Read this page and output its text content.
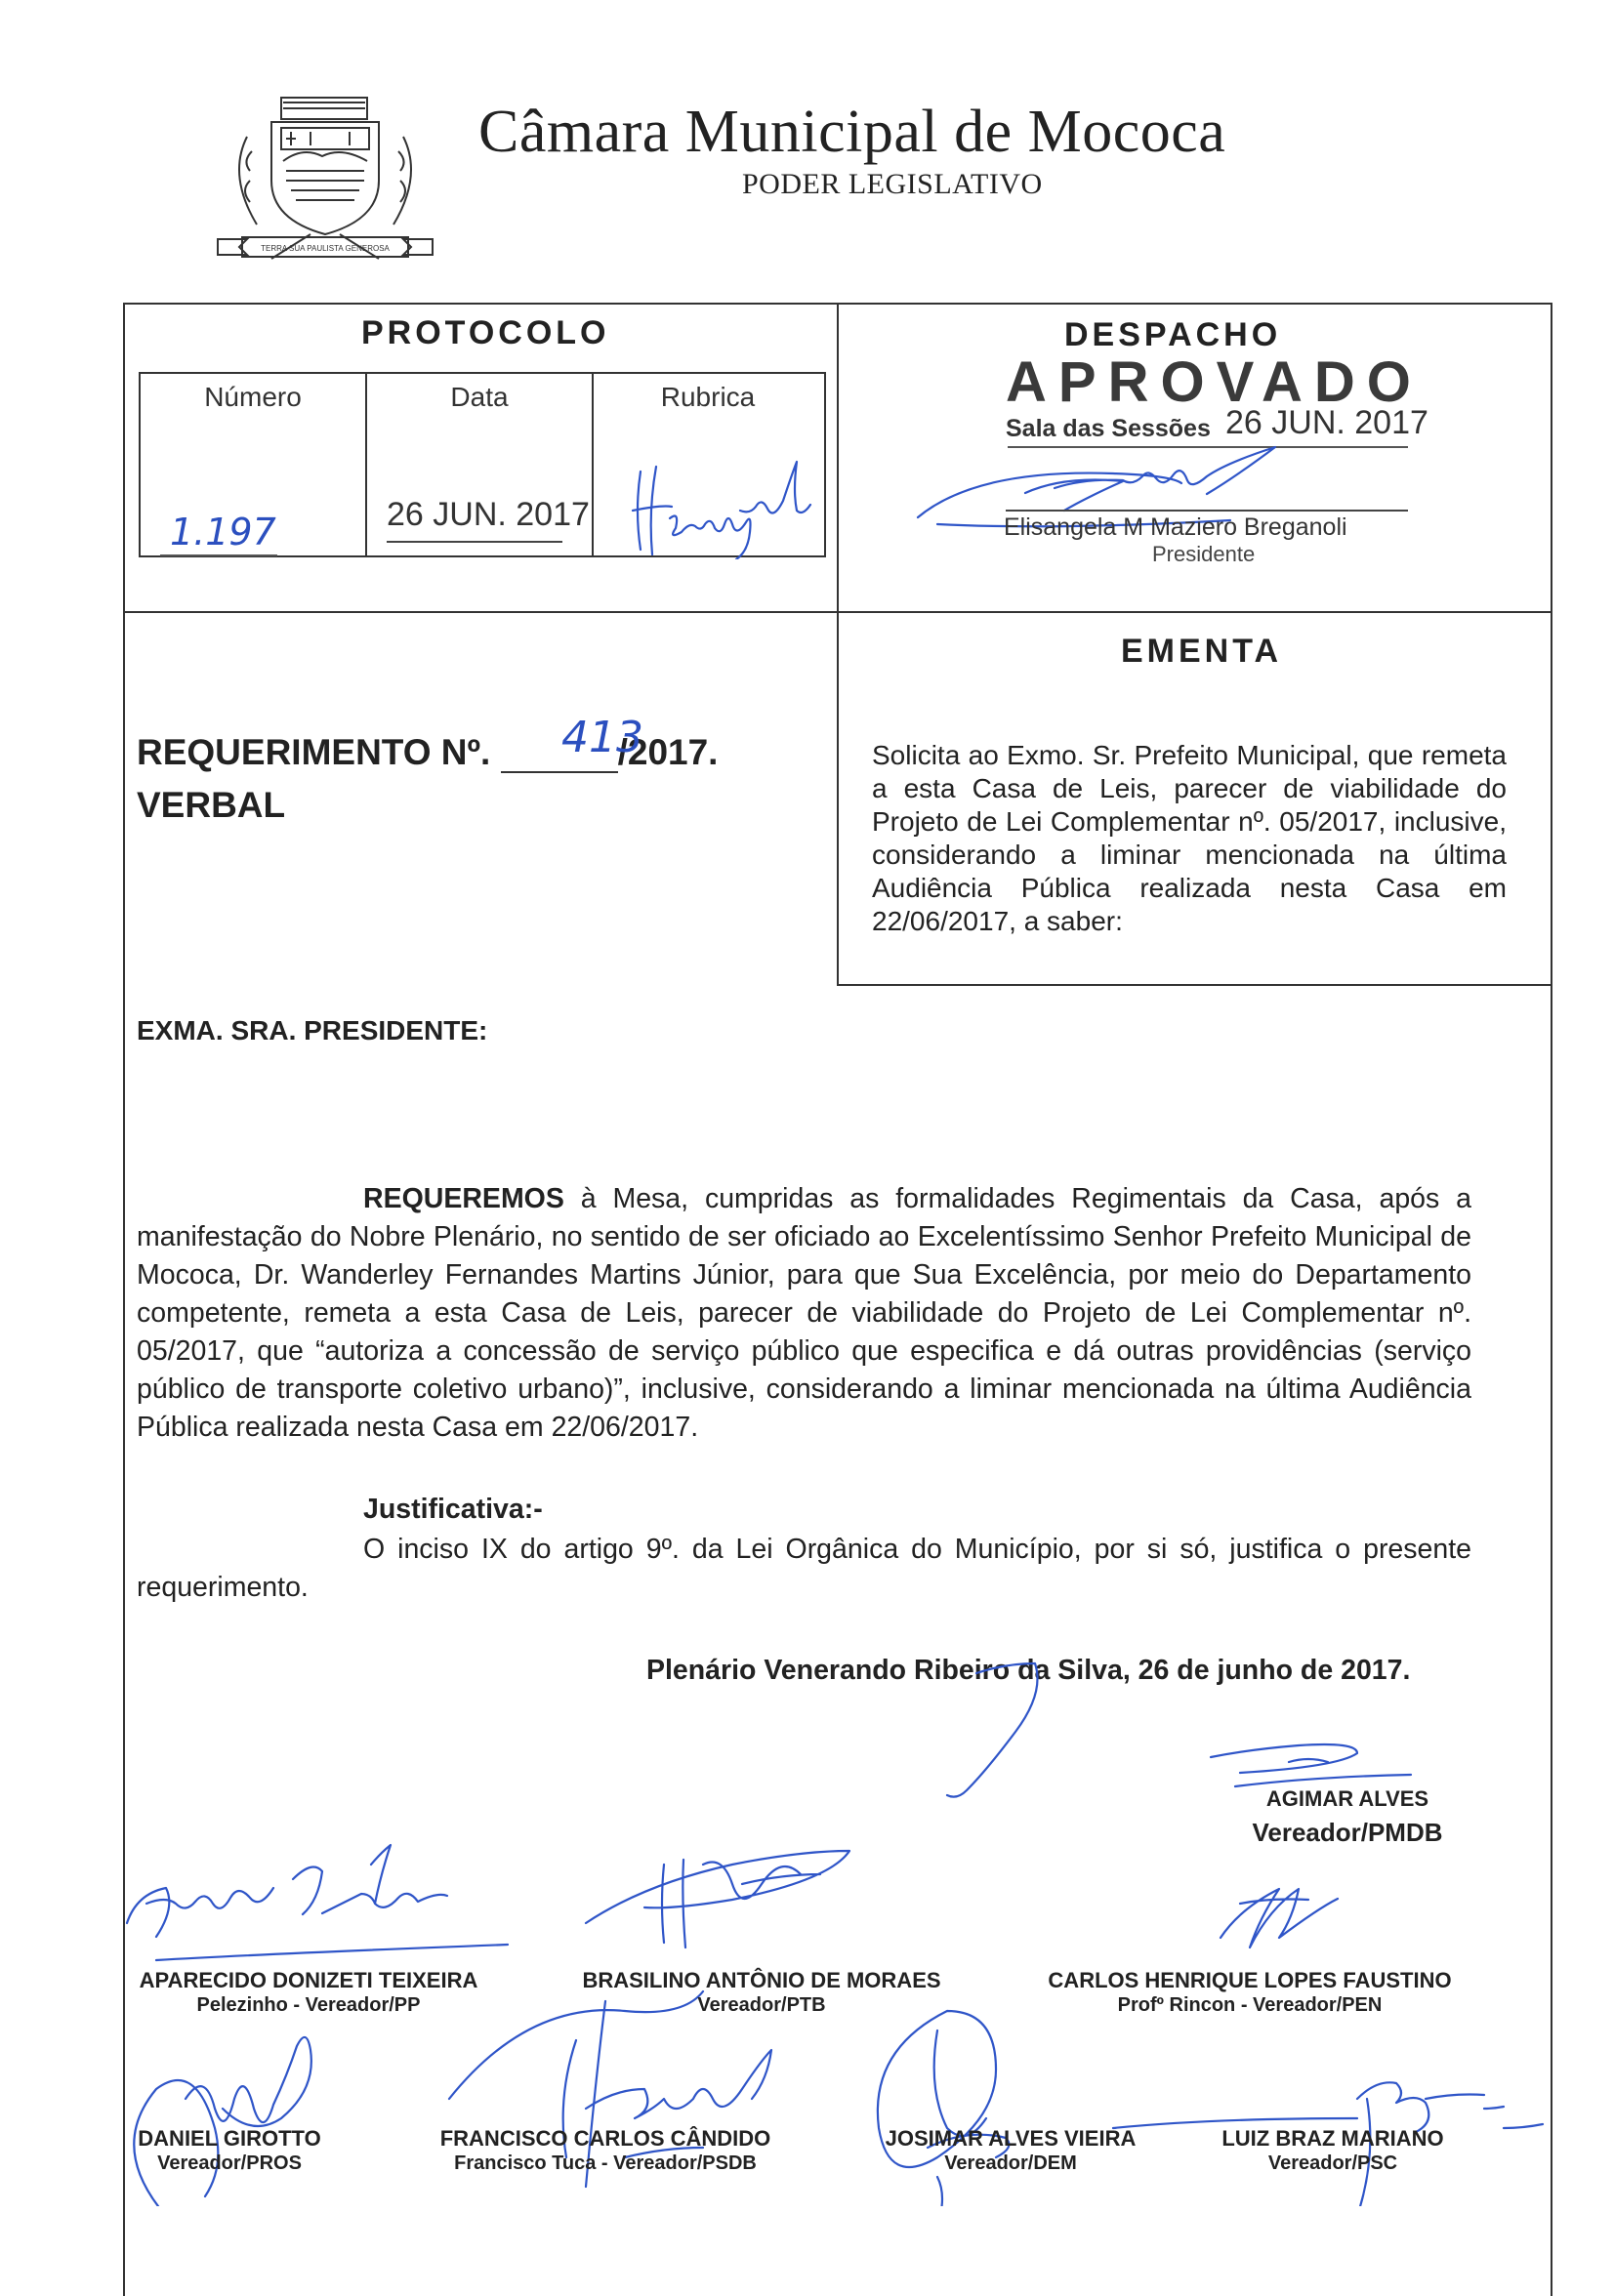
TERRA SUA PAULISTA GENEROSA
Câmara Municipal de Mococa
PODER LEGISLATIVO
PROTOCOLO
Número
1.197
Data
26 JUN. 2017
Rubrica
DESPACHO
APROVADO
Sala das Sessões 26 JUN. 2017
Elisangela M Maziero Breganoli
Presidente
REQUERIMENTO Nº.	/2017.
413
VERBAL
EMENTA
Solicita ao Exmo. Sr. Prefeito Municipal, que remeta a esta Casa de Leis, parecer de viabilidade do Projeto de Lei Complementar nº. 05/2017, inclusive, considerando a liminar mencionada na última Audiência Pública realizada nesta Casa em 22/06/2017, a saber:
EXMA. SRA. PRESIDENTE:

REQUEREMOS à Mesa, cumpridas as formalidades Regimentais da Casa, após a manifestação do Nobre Plenário, no sentido de ser oficiado ao Excelentíssimo Senhor Prefeito Municipal de Mococa, Dr. Wanderley Fernandes Martins Júnior, para que Sua Excelência, por meio do Departamento competente, remeta a esta Casa de Leis, parecer de viabilidade do Projeto de Lei Complementar nº. 05/2017, que “autoriza a concessão de serviço público que especifica e dá outras providências (serviço público de transporte coletivo urbano)”, inclusive, considerando a liminar mencionada na última Audiência Pública realizada nesta Casa em 22/06/2017.

Justificativa:-

O inciso IX do artigo 9º. da Lei Orgânica do Município, por si só, justifica o presente requerimento.

Plenário Venerando Ribeiro da Silva, 26 de junho de 2017.
AGIMAR ALVES
Vereador/PMDB
APARECIDO DONIZETI TEIXEIRA
Pelezinho - Vereador/PP
BRASILINO ANTÔNIO DE MORAES
Vereador/PTB
CARLOS HENRIQUE LOPES FAUSTINO
Profº Rincon - Vereador/PEN
DANIEL GIROTTO
Vereador/PROS
FRANCISCO CARLOS CÂNDIDO
Francisco Tuca - Vereador/PSDB
JOSIMAR ALVES VIEIRA
Vereador/DEM
LUIZ BRAZ MARIANO
Vereador/PSC
